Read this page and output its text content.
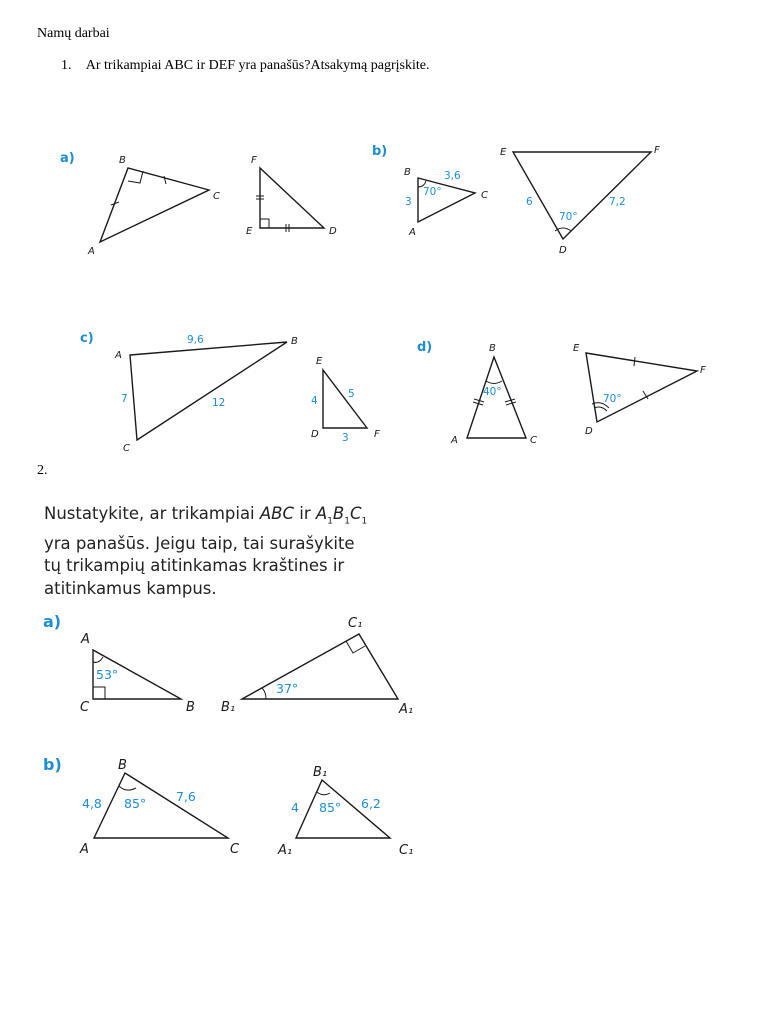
Namų darbai
1. Ar trikampiai ABC ir DEF yra panašūs?Atsakymą pagrįskite.
2.
Nustatykite, ar trikampiai ABC ir $A_1B_1C_1$
yra panašūs. Jeigu taip, tai surašykite
tų trikampių atitinkamas kraštines ir
atitinkamus kampus.
a)	B
C
A
F
E	D
b)
B
C
A
3,6
3
70°
E	F
D
6	7,2
70°
c)
A
B
C
9,6
7	12
E
D	F
4
5
3
d)	B
A	C
40°
E
F
D
70°
a)
A
C	B
53°
B₁
C₁
A₁
37°
b)	B
A	C
4,8	7,6
85°
B₁
A₁	C₁
4	6,2
85°
